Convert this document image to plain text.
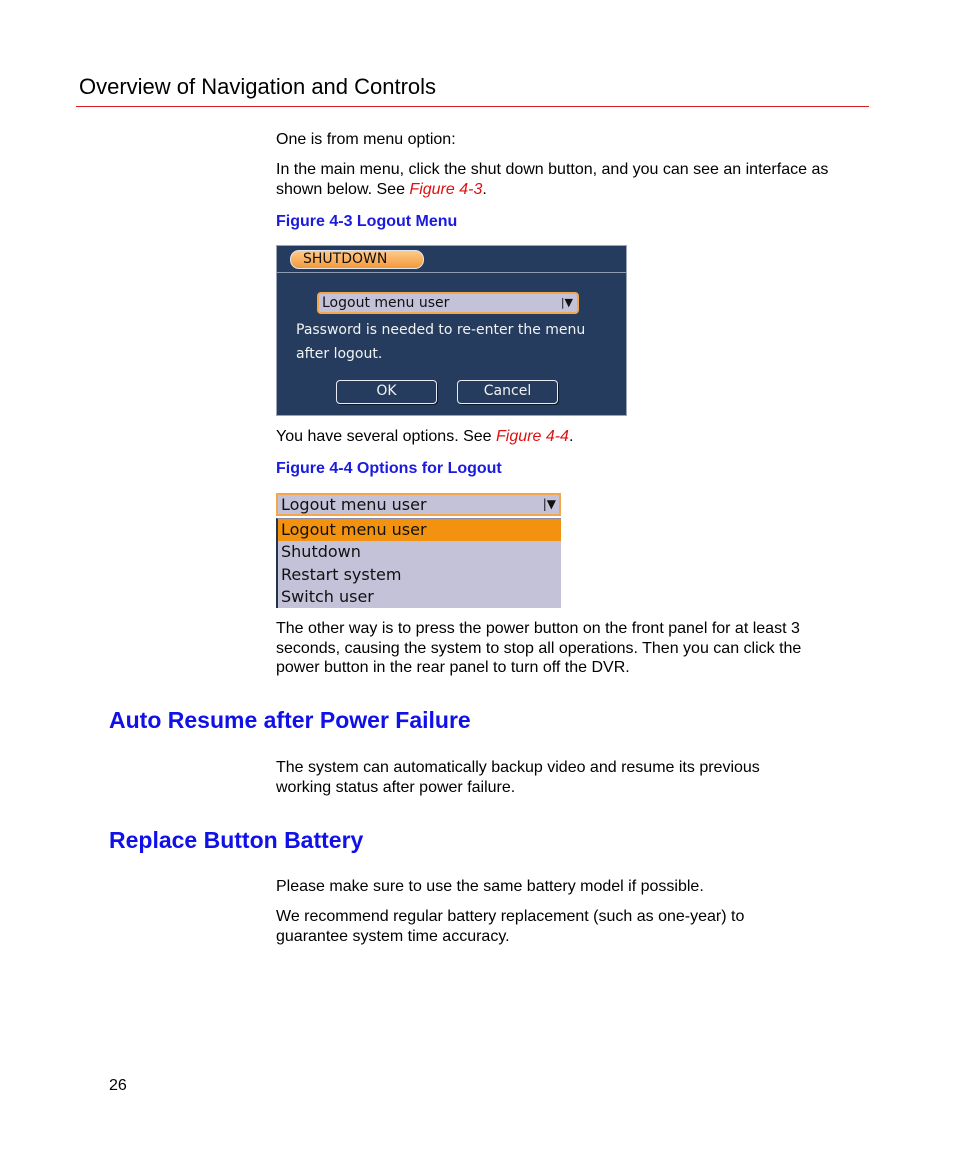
Overview of Navigation and Controls
One is from menu option:
In the main menu, click the shut down button, and you can see an interface as shown below. See Figure 4-3.
Figure 4-3 Logout Menu
SHUTDOWN
Logout menu user	|▼
Password is needed to re-enter the menu
after logout.
OK	Cancel
You have several options. See Figure 4-4.
Figure 4-4 Options for Logout
Logout menu user	|▼
Logout menu user
Shutdown
Restart system
Switch user
The other way is to press the power button on the front panel for at least 3
seconds, causing the system to stop all operations. Then you can click the
power button in the rear panel to turn off the DVR.
Auto Resume after Power Failure
The system can automatically backup video and resume its previous
working status after power failure.
Replace Button Battery
Please make sure to use the same battery model if possible.
We recommend regular battery replacement (such as one-year) to
guarantee system time accuracy.
26
